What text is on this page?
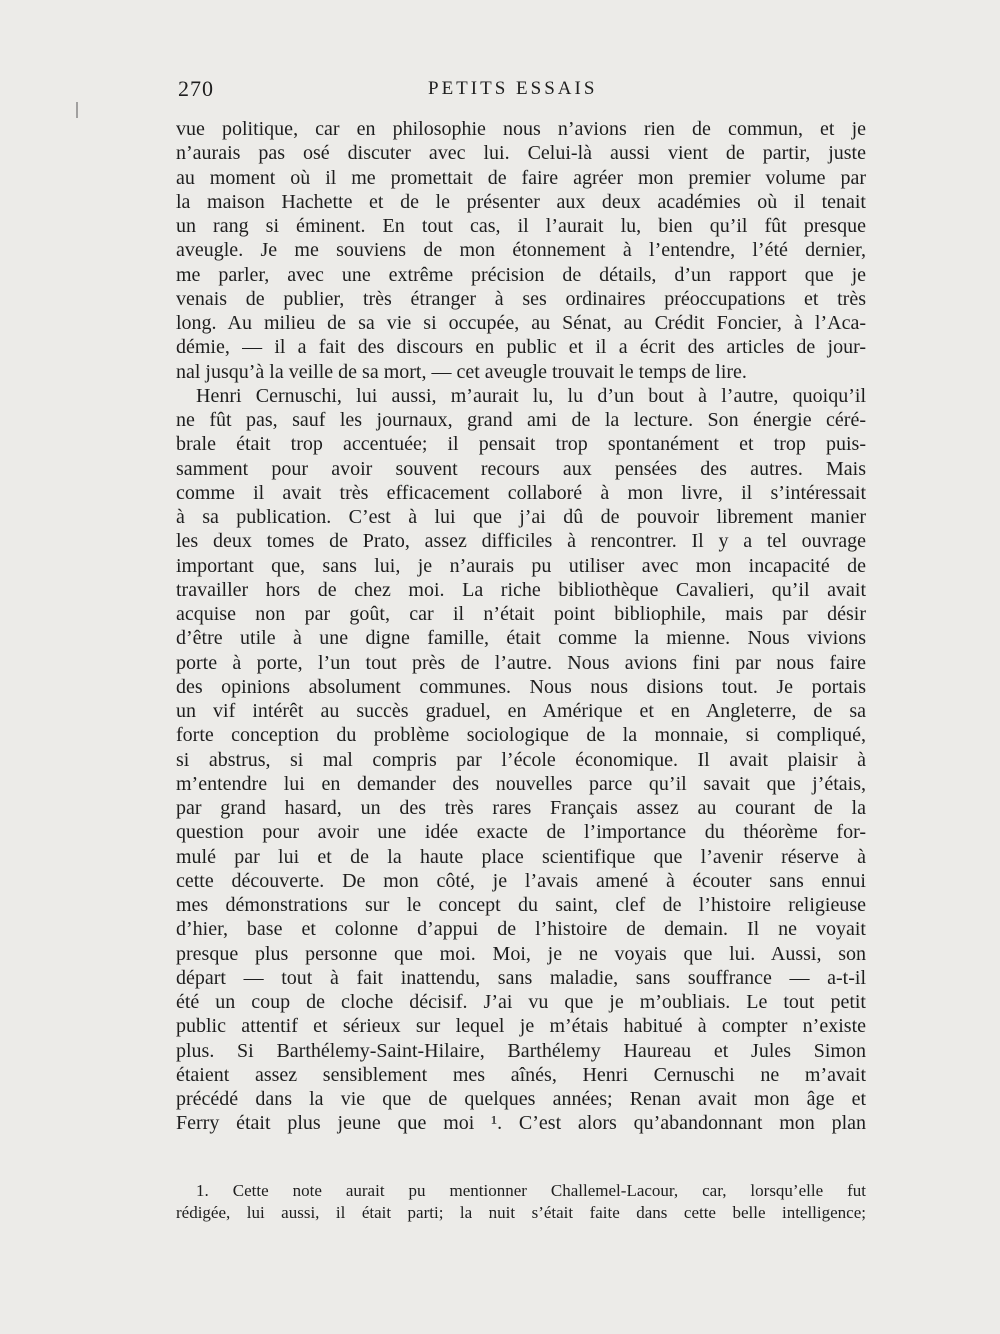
270	PETITS ESSAIS
vue politique, car en philosophie nous n’avions rien de commun, et je
n’aurais pas osé discuter avec lui. Celui-là aussi vient de partir, juste
au moment où il me promettait de faire agréer mon premier volume par
la maison Hachette et de le présenter aux deux académies où il tenait
un rang si éminent. En tout cas, il l’aurait lu, bien qu’il fût presque
aveugle. Je me souviens de mon étonnement à l’entendre, l’été dernier,
me parler, avec une extrême précision de détails, d’un rapport que je
venais de publier, très étranger à ses ordinaires préoccupations et très
long. Au milieu de sa vie si occupée, au Sénat, au Crédit Foncier, à l’Aca-
démie, — il a fait des discours en public et il a écrit des articles de jour-
nal jusqu’à la veille de sa mort, — cet aveugle trouvait le temps de lire.
Henri Cernuschi, lui aussi, m’aurait lu, lu d’un bout à l’autre, quoiqu’il
ne fût pas, sauf les journaux, grand ami de la lecture. Son énergie céré-
brale était trop accentuée; il pensait trop spontanément et trop puis-
samment pour avoir souvent recours aux pensées des autres. Mais
comme il avait très efficacement collaboré à mon livre, il s’intéressait
à sa publication. C’est à lui que j’ai dû de pouvoir librement manier
les deux tomes de Prato, assez difficiles à rencontrer. Il y a tel ouvrage
important que, sans lui, je n’aurais pu utiliser avec mon incapacité de
travailler hors de chez moi. La riche bibliothèque Cavalieri, qu’il avait
acquise non par goût, car il n’était point bibliophile, mais par désir
d’être utile à une digne famille, était comme la mienne. Nous vivions
porte à porte, l’un tout près de l’autre. Nous avions fini par nous faire
des opinions absolument communes. Nous nous disions tout. Je portais
un vif intérêt au succès graduel, en Amérique et en Angleterre, de sa
forte conception du problème sociologique de la monnaie, si compliqué,
si abstrus, si mal compris par l’école économique. Il avait plaisir à
m’entendre lui en demander des nouvelles parce qu’il savait que j’étais,
par grand hasard, un des très rares Français assez au courant de la
question pour avoir une idée exacte de l’importance du théorème for-
mulé par lui et de la haute place scientifique que l’avenir réserve à
cette découverte. De mon côté, je l’avais amené à écouter sans ennui
mes démonstrations sur le concept du saint, clef de l’histoire religieuse
d’hier, base et colonne d’appui de l’histoire de demain. Il ne voyait
presque plus personne que moi. Moi, je ne voyais que lui. Aussi, son
départ — tout à fait inattendu, sans maladie, sans souffrance — a-t-il
été un coup de cloche décisif. J’ai vu que je m’oubliais. Le tout petit
public attentif et sérieux sur lequel je m’étais habitué à compter n’existe
plus. Si Barthélemy-Saint-Hilaire, Barthélemy Haureau et Jules Simon
étaient assez sensiblement mes aînés, Henri Cernuschi ne m’avait
précédé dans la vie que de quelques années; Renan avait mon âge et
Ferry était plus jeune que moi ¹. C’est alors qu’abandonnant mon plan
1. Cette note aurait pu mentionner Challemel-Lacour, car, lorsqu’elle fut
rédigée, lui aussi, il était parti; la nuit s’était faite dans cette belle intelligence;
